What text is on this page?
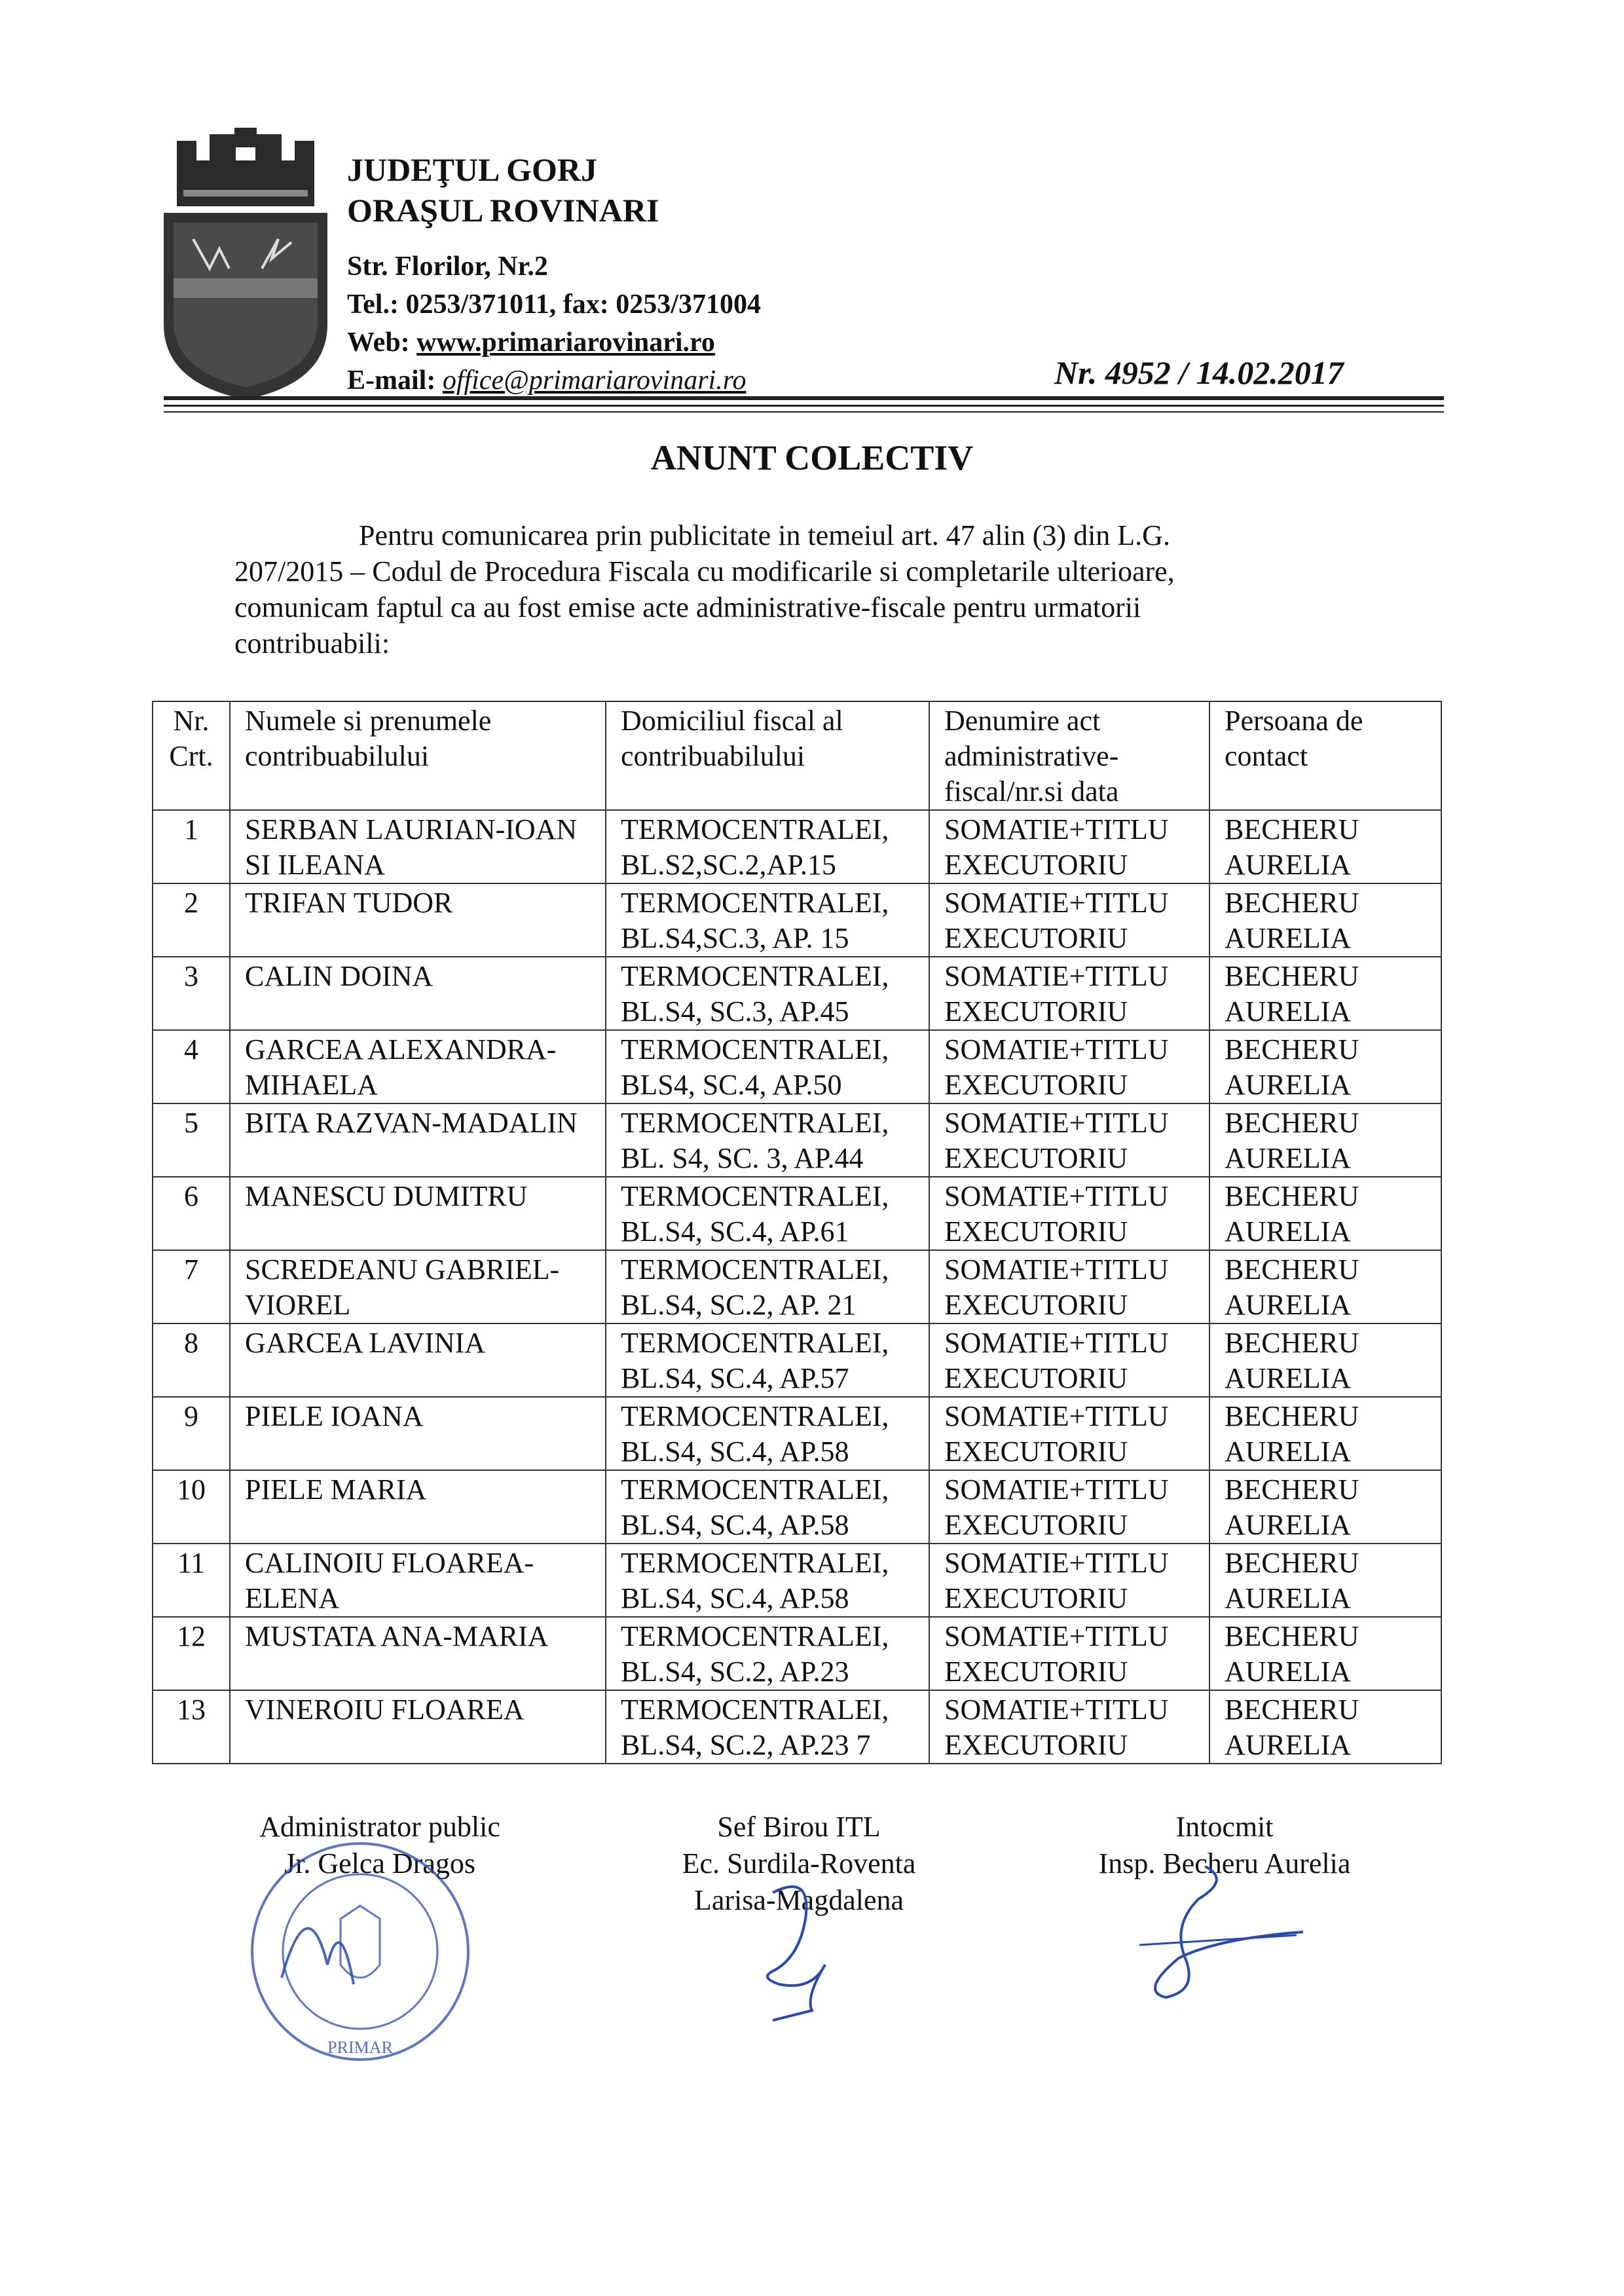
JUDEŢUL GORJ
ORAŞUL ROVINARI
Str. Florilor, Nr.2
Tel.: 0253/371011, fax: 0253/371004
Web: www.primariarovinari.ro
E-mail: office@primariarovinari.ro	Nr. 4952 / 14.02.2017
ANUNT COLECTIV
Pentru comunicarea prin publicitate in temeiul art. 47 alin (3) din L.G. 207/2015 – Codul de Procedura Fiscala cu modificarile si completarile ulterioare, comunicam faptul ca au fost emise acte administrative-fiscale pentru urmatorii contribuabili:
Nr. Crt.	Numele si prenumele contribuabilului	Domiciliul fiscal al contribuabilului	Denumire act administrative-fiscal/nr.si data	Persoana de contact
1	SERBAN LAURIAN-IOAN SI ILEANA	TERMOCENTRALEI, BL.S2,SC.2,AP.15	SOMATIE+TITLU EXECUTORIU	BECHERU AURELIA
2	TRIFAN TUDOR	TERMOCENTRALEI, BL.S4,SC.3, AP. 15	SOMATIE+TITLU EXECUTORIU	BECHERU AURELIA
3	CALIN DOINA	TERMOCENTRALEI, BL.S4, SC.3, AP.45	SOMATIE+TITLU EXECUTORIU	BECHERU AURELIA
4	GARCEA ALEXANDRA-MIHAELA	TERMOCENTRALEI, BLS4, SC.4, AP.50	SOMATIE+TITLU EXECUTORIU	BECHERU AURELIA
5	BITA RAZVAN-MADALIN	TERMOCENTRALEI, BL. S4, SC. 3, AP.44	SOMATIE+TITLU EXECUTORIU	BECHERU AURELIA
6	MANESCU DUMITRU	TERMOCENTRALEI, BL.S4, SC.4, AP.61	SOMATIE+TITLU EXECUTORIU	BECHERU AURELIA
7	SCREDEANU GABRIEL-VIOREL	TERMOCENTRALEI, BL.S4, SC.2, AP. 21	SOMATIE+TITLU EXECUTORIU	BECHERU AURELIA
8	GARCEA LAVINIA	TERMOCENTRALEI, BL.S4, SC.4, AP.57	SOMATIE+TITLU EXECUTORIU	BECHERU AURELIA
9	PIELE IOANA	TERMOCENTRALEI, BL.S4, SC.4, AP.58	SOMATIE+TITLU EXECUTORIU	BECHERU AURELIA
10	PIELE MARIA	TERMOCENTRALEI, BL.S4, SC.4, AP.58	SOMATIE+TITLU EXECUTORIU	BECHERU AURELIA
11	CALINOIU FLOAREA-ELENA	TERMOCENTRALEI, BL.S4, SC.4, AP.58	SOMATIE+TITLU EXECUTORIU	BECHERU AURELIA
12	MUSTATA ANA-MARIA	TERMOCENTRALEI, BL.S4, SC.2, AP.23	SOMATIE+TITLU EXECUTORIU	BECHERU AURELIA
13	VINEROIU FLOAREA	TERMOCENTRALEI, BL.S4, SC.2, AP.23 7	SOMATIE+TITLU EXECUTORIU	BECHERU AURELIA
Administrator public
Jr. Gelca Dragos
Sef Birou ITL
Ec. Surdila-Roventa
Larisa-Magdalena
Intocmit
Insp. Becheru Aurelia
PRIMAR
